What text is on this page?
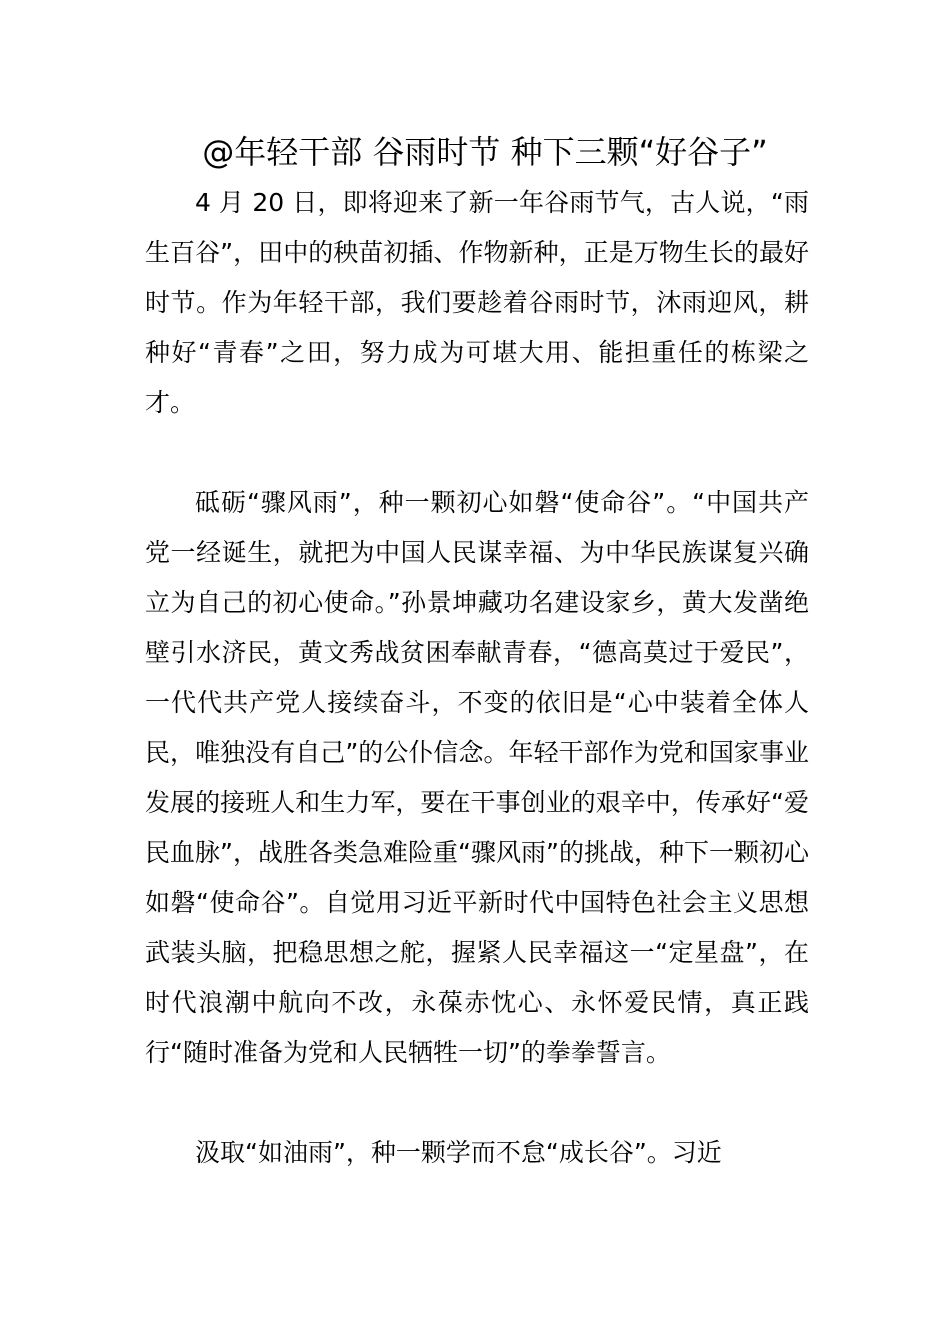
@年轻干部 谷雨时节 种下三颗“好谷子”

4 月 20 日，即将迎来了新一年谷雨节气，古人说，“雨生百谷”，田中的秧苗初插、作物新种，正是万物生长的最好时节。作为年轻干部，我们要趁着谷雨时节，沐雨迎风，耕种好“青春”之田，努力成为可堪大用、能担重任的栋梁之才。

砥砺“骤风雨”，种一颗初心如磐“使命谷”。“中国共产党一经诞生，就把为中国人民谋幸福、为中华民族谋复兴确立为自己的初心使命。”孙景坤藏功名建设家乡，黄大发凿绝壁引水济民，黄文秀战贫困奉献青春，“德高莫过于爱民”，一代代共产党人接续奋斗，不变的依旧是“心中装着全体人民，唯独没有自己”的公仆信念。年轻干部作为党和国家事业发展的接班人和生力军，要在干事创业的艰辛中，传承好“爱民血脉”，战胜各类急难险重“骤风雨”的挑战，种下一颗初心如磐“使命谷”。自觉用习近平新时代中国特色社会主义思想武装头脑，把稳思想之舵，握紧人民幸福这一“定星盘”，在时代浪潮中航向不改，永葆赤忱心、永怀爱民情，真正践行“随时准备为党和人民牺牲一切”的拳拳誓言。

汲取“如油雨”，种一颗学而不怠“成长谷”。习近
